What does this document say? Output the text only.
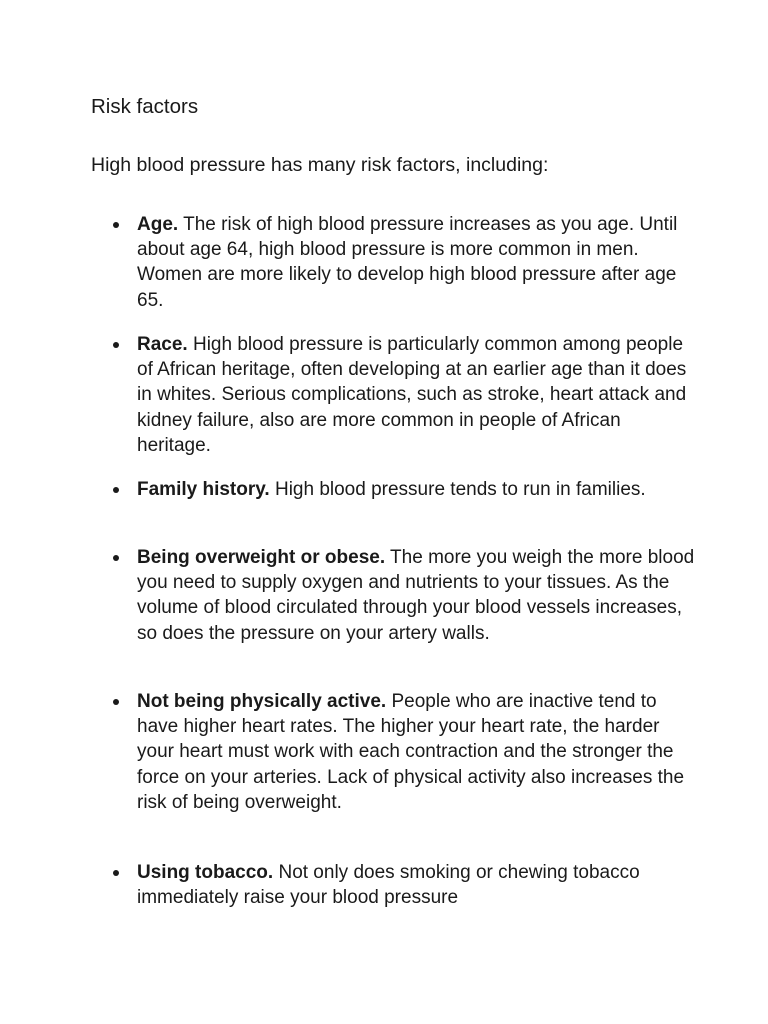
Risk factors

High blood pressure has many risk factors, including:

Age. The risk of high blood pressure increases as you age. Until about age 64, high blood pressure is more common in men. Women are more likely to develop high blood pressure after age 65.
Race. High blood pressure is particularly common among people of African heritage, often developing at an earlier age than it does in whites. Serious complications, such as stroke, heart attack and kidney failure, also are more common in people of African heritage.
Family history. High blood pressure tends to run in families.
Being overweight or obese. The more you weigh the more blood you need to supply oxygen and nutrients to your tissues. As the volume of blood circulated through your blood vessels increases, so does the pressure on your artery walls.
Not being physically active. People who are inactive tend to have higher heart rates. The higher your heart rate, the harder your heart must work with each contraction and the stronger the force on your arteries. Lack of physical activity also increases the risk of being overweight.
Using tobacco. Not only does smoking or chewing tobacco immediately raise your blood pressure
